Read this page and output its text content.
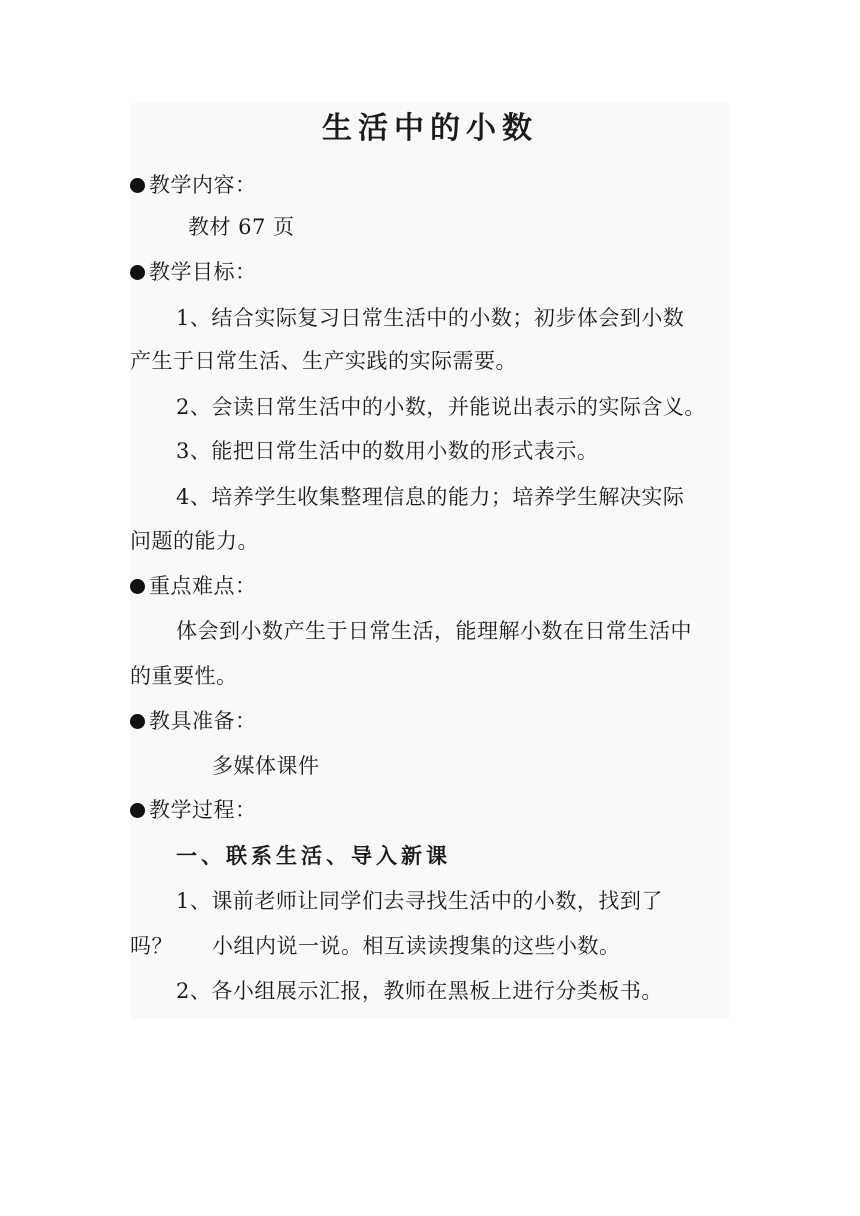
生活中的小数
教学内容：
教材 67 页
教学目标：
1、结合实际复习日常生活中的小数；初步体会到小数
产生于日常生活、生产实践的实际需要。
2、会读日常生活中的小数，并能说出表示的实际含义。
3、能把日常生活中的数用小数的形式表示。
4、培养学生收集整理信息的能力；培养学生解决实际
问题的能力。
重点难点：
体会到小数产生于日常生活，能理解小数在日常生活中
的重要性。
教具准备：
多媒体课件
教学过程：
一、联系生活、导入新课
1、课前老师让同学们去寻找生活中的小数，找到了
吗？ 小组内说一说。相互读读搜集的这些小数。
2、各小组展示汇报，教师在黑板上进行分类板书。
